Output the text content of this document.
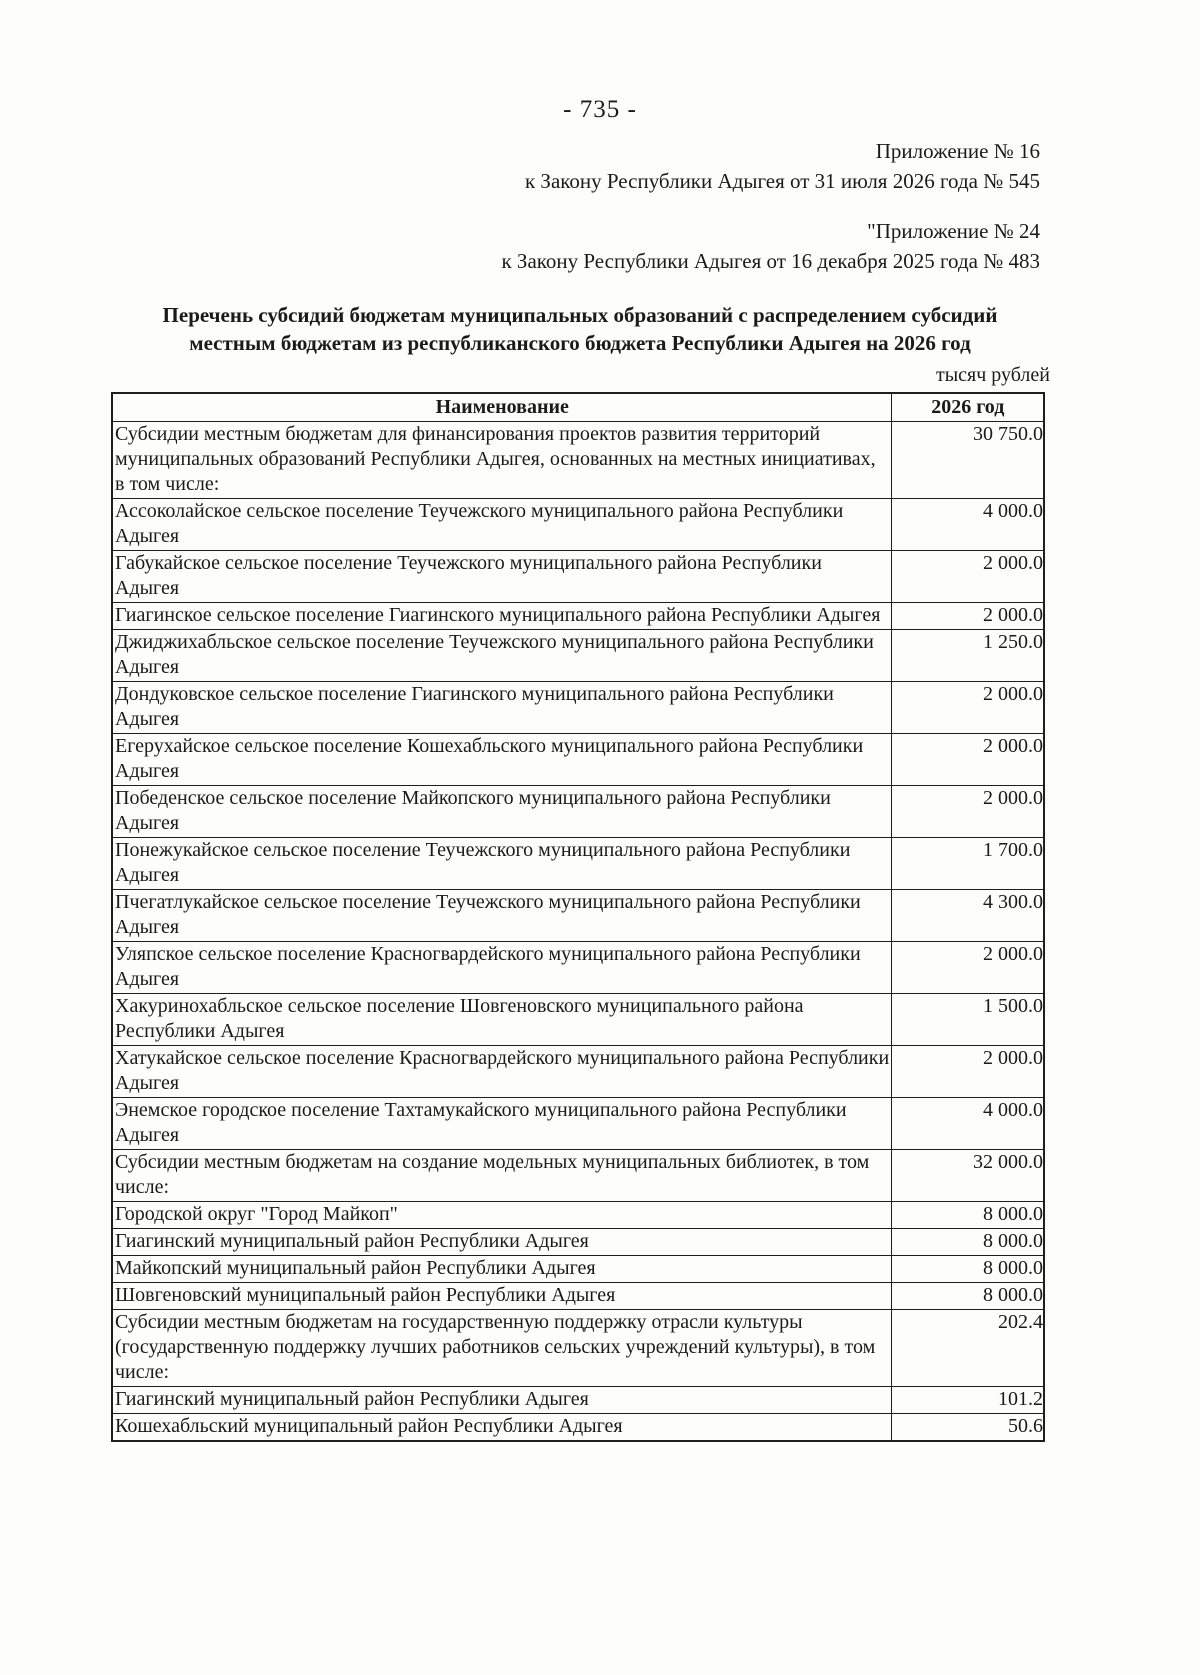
- 735 -
Приложение № 16
к Закону Республики Адыгея от 31 июля 2026 года № 545
"Приложение № 24
к Закону Республики Адыгея от 16 декабря 2025 года № 483
Перечень субсидий бюджетам муниципальных образований с распределением субсидий
местным бюджетам из республиканского бюджета Республики Адыгея на 2026 год
тысяч рублей
Наименование	2026 год
Субсидии местным бюджетам для финансирования проектов развития территорий муниципальных образований Республики Адыгея, основанных на местных инициативах, в том числе:	30 750.0
Ассоколайское сельское поселение Теучежского муниципального района Республики Адыгея	4 000.0
Габукайское сельское поселение Теучежского муниципального района Республики Адыгея	2 000.0
Гиагинское сельское поселение Гиагинского муниципального района Республики Адыгея	2 000.0
Джиджихабльское сельское поселение Теучежского муниципального района Республики Адыгея	1 250.0
Дондуковское сельское поселение Гиагинского муниципального района Республики Адыгея	2 000.0
Егерухайское сельское поселение Кошехабльского муниципального района Республики Адыгея	2 000.0
Победенское сельское поселение Майкопского муниципального района Республики Адыгея	2 000.0
Понежукайское сельское поселение Теучежского муниципального района Республики Адыгея	1 700.0
Пчегатлукайское сельское поселение Теучежского муниципального района Республики Адыгея	4 300.0
Уляпское сельское поселение Красногвардейского муниципального района Республики Адыгея	2 000.0
Хакуринохабльское сельское поселение Шовгеновского муниципального района Республики Адыгея	1 500.0
Хатукайское сельское поселение Красногвардейского муниципального района Республики Адыгея	2 000.0
Энемское городское поселение Тахтамукайского муниципального района Республики Адыгея	4 000.0
Субсидии местным бюджетам на создание модельных муниципальных библиотек, в том числе:	32 000.0
Городской округ "Город Майкоп"	8 000.0
Гиагинский муниципальный район Республики Адыгея	8 000.0
Майкопский муниципальный район Республики Адыгея	8 000.0
Шовгеновский муниципальный район Республики Адыгея	8 000.0
Субсидии местным бюджетам на государственную поддержку отрасли культуры (государственную поддержку лучших работников сельских учреждений культуры), в том числе:	202.4
Гиагинский муниципальный район Республики Адыгея	101.2
Кошехабльский муниципальный район Республики Адыгея	50.6
